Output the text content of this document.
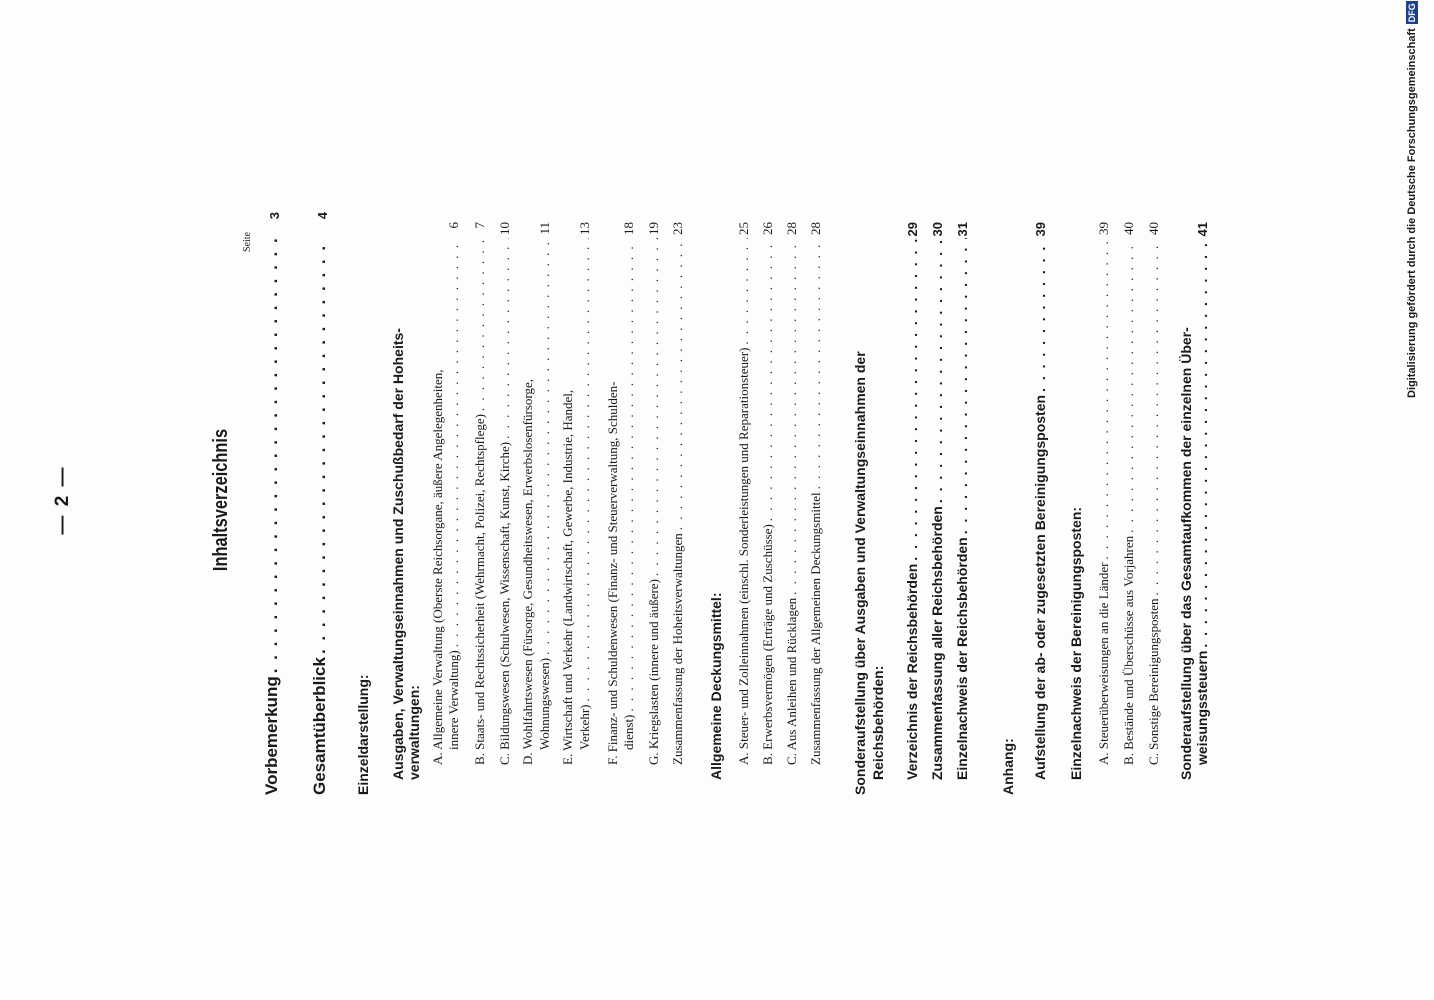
— 2 —	Inhaltsverzeichnis
Seite
Vorbemerkung
. . .
3
Gesamtüberblick
. . .
4
Einzeldarstellung: Ausgaben, Verwaltungseinnahmen und Zuschußbedarf der Hoheits- verwaltungen: A. Allgemeine Verwaltung (Oberste Reichsorgane, äußere Angelegenheiten, innere Verwaltung)
. . .
6
B. Staats- und Rechtssicherheit (Wehrmacht, Polizei, Rechtspflege)
. . .
7
C. Bildungswesen (Schulwesen, Wissenschaft, Kunst, Kirche)
. . .
10
D. Wohlfahrtswesen (Fürsorge, Gesundheitswesen, Erwerbslosenfürsorge, Wohnungswesen)
. . .
11
E. Wirtschaft und Verkehr (Landwirtschaft, Gewerbe, Industrie, Handel, Verkehr)
. . .
13
F. Finanz- und Schuldenwesen (Finanz- und Steuerverwaltung, Schulden- dienst)
. . .
18
G. Kriegslasten (innere und äußere)
. . .
19
Zusammenfassung der Hoheitsverwaltungen
. . .
23
Allgemeine Deckungsmittel: A. Steuer- und Zolleinnahmen (einschl. Sonderleistungen und Reparationsteuer)
. . .
25
B. Erwerbsvermögen (Erträge und Zuschüsse)
. . .
26
C. Aus Anleihen und Rücklagen
. . .
28
Zusammenfassung der Allgemeinen Deckungsmittel
. . .
28
Sonderaufstellung über Ausgaben und Verwaltungseinnahmen der Reichsbehörden: Verzeichnis der Reichsbehörden
. . .
29
Zusammenfassung aller Reichsbehörden
. . .
30
Einzelnachweis der Reichsbehörden
. . .
31
Anhang: Aufstellung der ab- oder zugesetzten Bereinigungsposten
. . .
39
Einzelnachweis der Bereinigungsposten: A. Steuerüberweisungen an die Länder
. . .
39
B. Bestände und Überschüsse aus Vorjahren
. . .
40
C. Sonstige Bereinigungsposten
. . .
40
Sonderaufstellung über das Gesamtaufkommen der einzelnen Über- weisungssteuern
. . .
41	Digitalisierung gefördert durch die Deutsche Forschungsgemeinschaft
DFG
